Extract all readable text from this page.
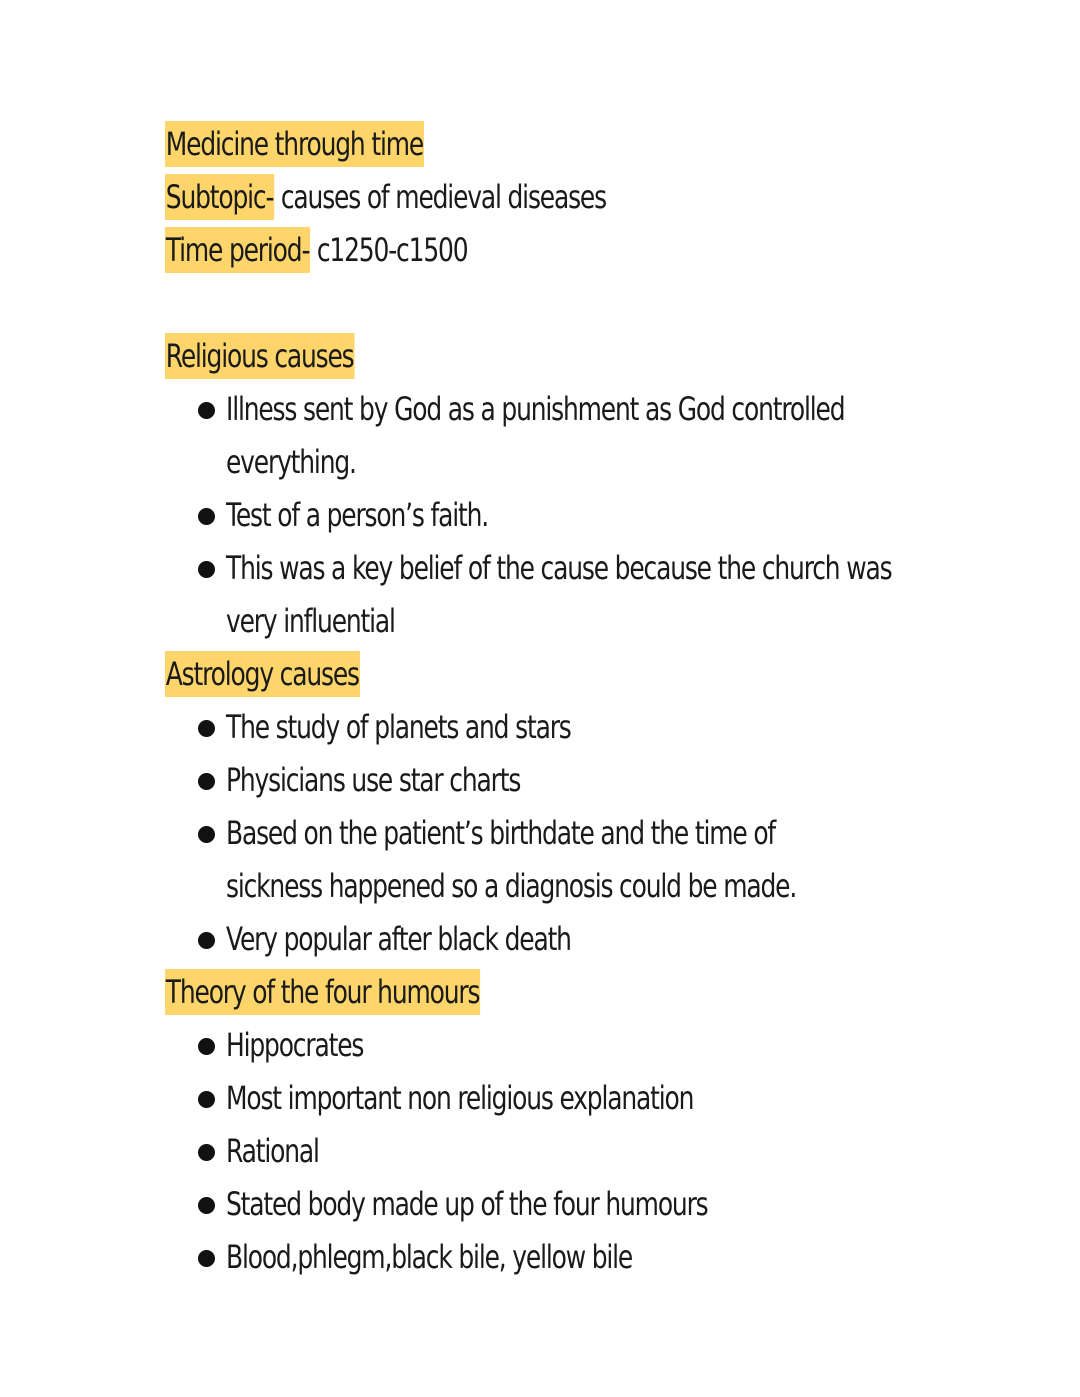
Medicine through time
Subtopic- causes of medieval diseases
Time period- c1250-c1500
Religious causes
Illness sent by God as a punishment as God controlled everything.
Test of a person’s faith.
This was a key belief of the cause because the church was very influential
Astrology causes
The study of planets and stars
Physicians use star charts
Based on the patient’s birthdate and the time of sickness happened so a diagnosis could be made.
Very popular after black death
Theory of the four humours
Hippocrates
Most important non religious explanation
Rational
Stated body made up of the four humours
Blood,phlegm,black bile, yellow bile
